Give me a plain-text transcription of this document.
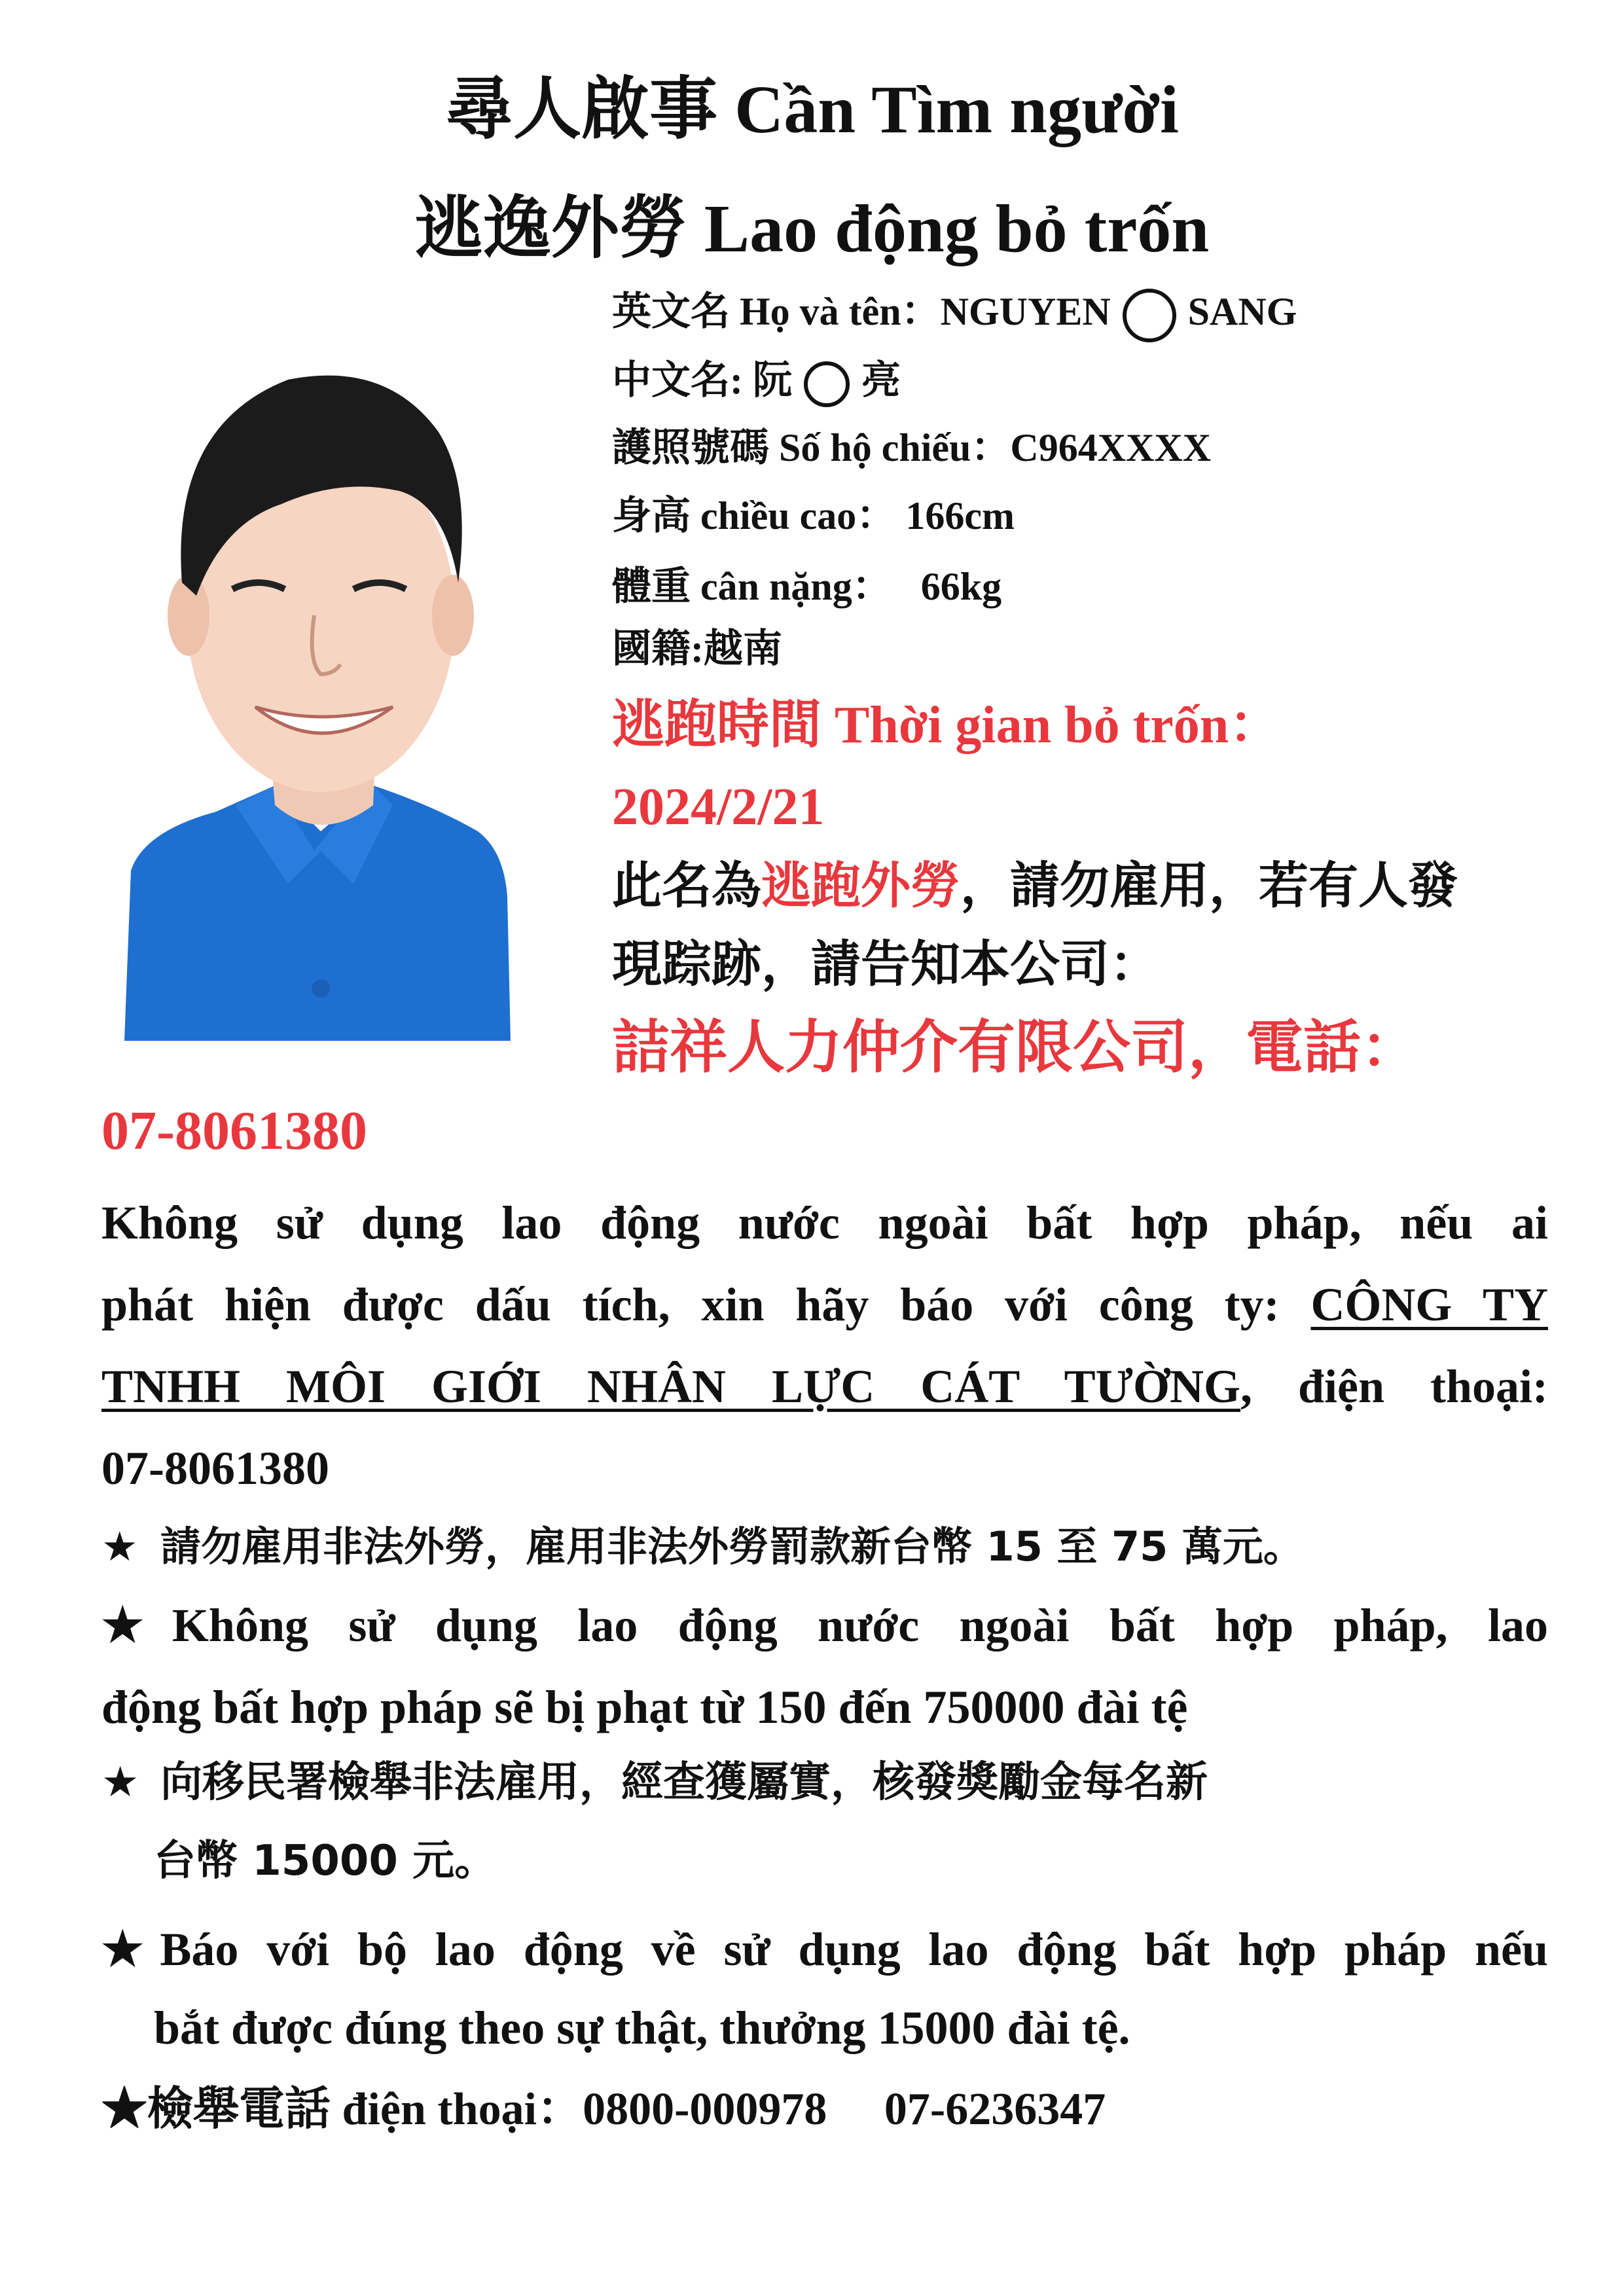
尋人啟事 Cần Tìm người
逃逸外勞 Lao động bỏ trốn
英文名 Họ và tên：NGUYEN SANG
中文名: 阮 亮
護照號碼 Số hộ chiếu：C964XXXX
身高 chiều cao： 166cm
體重 cân nặng： 66kg
國籍:越南
逃跑時間 Thời gian bỏ trốn：
2024/2/21
此名為逃跑外勞，請勿雇用，若有人發
現踪跡，請告知本公司：
詰祥人力仲介有限公司，電話：
07-8061380
Không sử dụng lao động nước ngoài bất hợp pháp, nếu ai
phát hiện được dấu tích, xin hãy báo với công ty: CÔNG TY
TNHH MÔI GIỚI NHÂN LỰC CÁT TƯỜNG, điện thoại:
07-8061380
★ 請勿雇用非法外勞，雇用非法外勞罰款新台幣 15 至 75 萬元。
★Không sử dụng lao động nước ngoài bất hợp pháp, lao
động bất hợp pháp sẽ bị phạt từ 150 đến 750000 đài tệ
★ 向移民署檢舉非法雇用，經查獲屬實，核發獎勵金每名新
台幣 15000 元。
★Báo với bộ lao động về sử dụng lao động bất hợp pháp nếu
bắt được đúng theo sự thật, thưởng 15000 đài tệ.
★檢舉電話 điện thoại：0800-000978 07-6236347
